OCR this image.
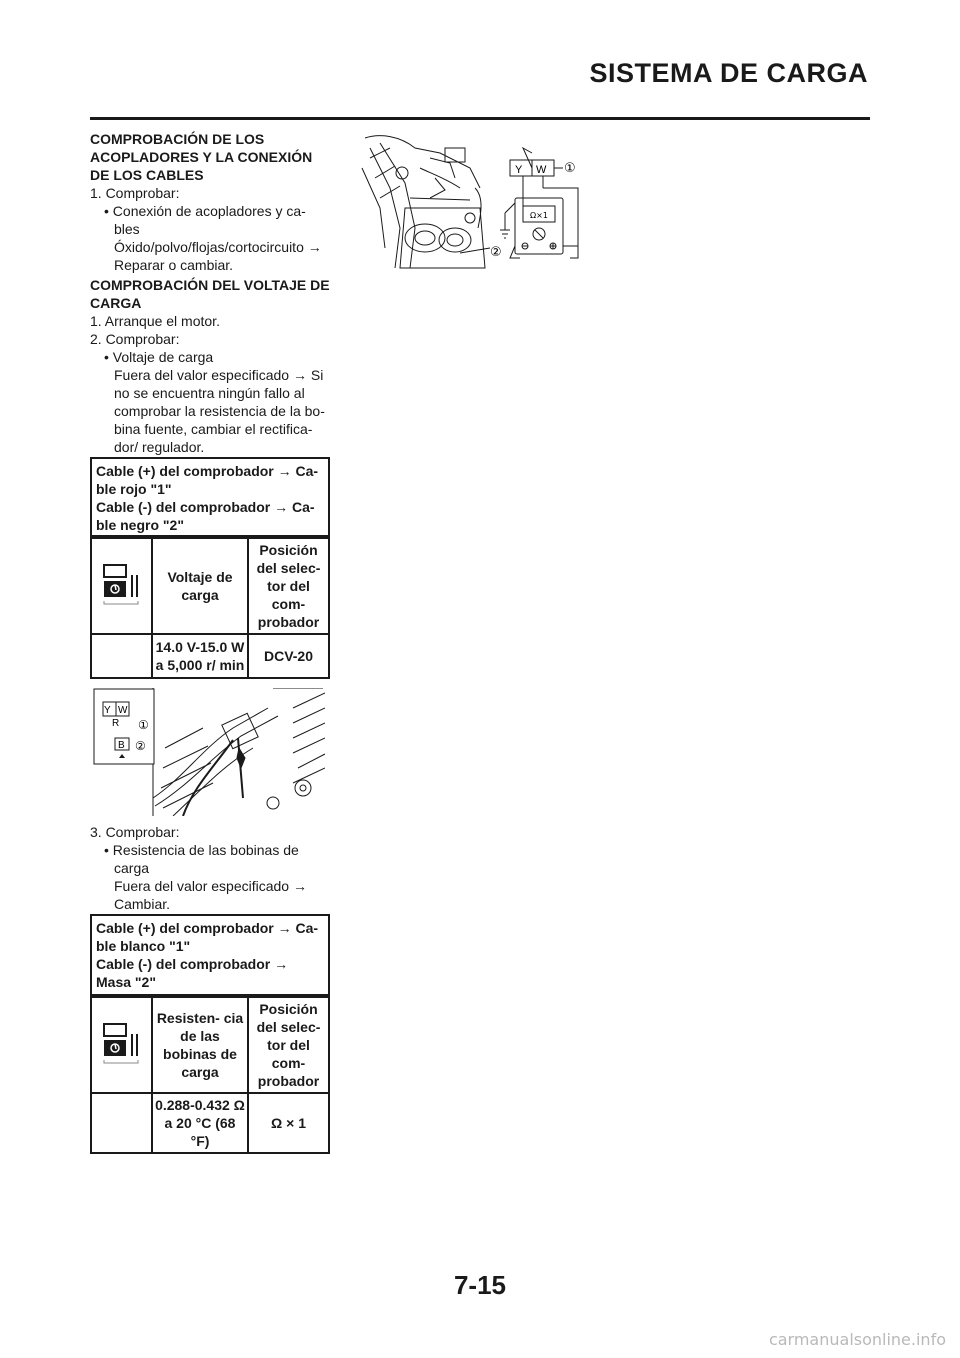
SISTEMA DE CARGA

COMPROBACIÓN DE LOS ACOPLADORES Y LA CONEXIÓN DE LOS CABLES

1. Comprobar:

• Conexión de acopladores y ca- bles

Óxido/polvo/flojas/cortocircuito →

Reparar o cambiar.

COMPROBACIÓN DEL VOLTAJE DE CARGA

1. Arranque el motor.

2. Comprobar:

• Voltaje de carga

Fuera del valor especificado → Si no se encuentra ningún fallo al comprobar la resistencia de la bo- bina fuente, cambiar el rectifica- dor/ regulador.

Cable (+) del comprobador → Ca- ble rojo "1"
Cable (-) del comprobador → Ca- ble negro "2"
	Voltaje de carga	Posición del selec- tor del com- probador
	14.0 V-15.0 W a 5,000 r/ min	DCV-20
Y W
R ①
B ②

3. Comprobar:

• Resistencia de las bobinas de carga

Fuera del valor especificado →

Cambiar.

Cable (+) del comprobador → Ca- ble blanco "1"
Cable (-) del comprobador → Masa "2"
	Resisten- cia de las bobinas de carga	Posición del selec- tor del com- probador
	0.288-0.432 Ω a 20 °C (68 °F)	Ω × 1
Y W ①
②
Ω×1
7-15
carmanualsonline.info
